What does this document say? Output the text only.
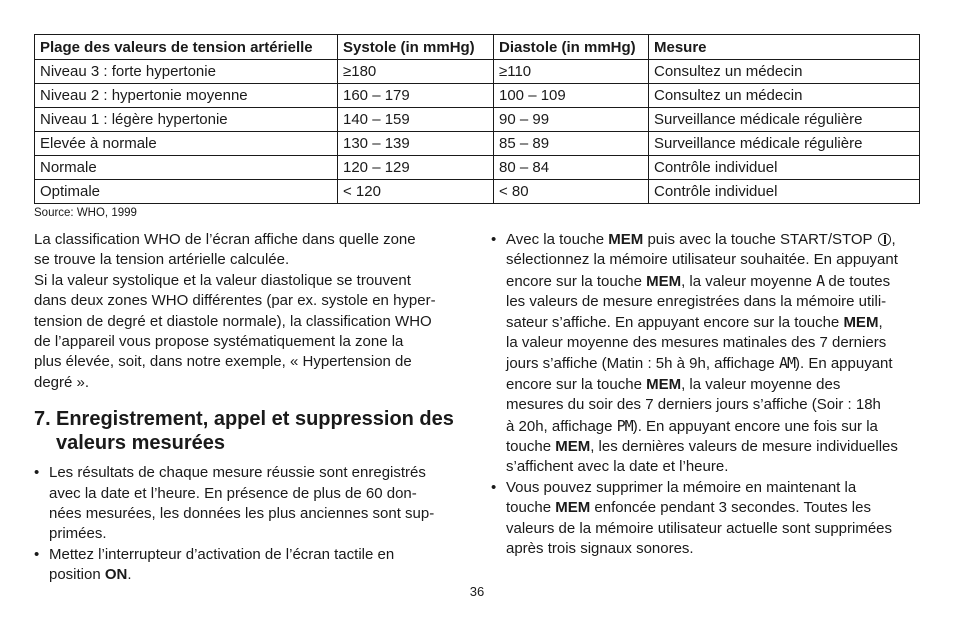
Plage des valeurs de tension artérielle	Systole (in mmHg)	Diastole (in mmHg)	Mesure
Niveau 3 : forte hypertonie	≥180	≥110	Consultez un médecin
Niveau 2 : hypertonie moyenne	160 – 179	100 – 109	Consultez un médecin
Niveau 1 : légère hypertonie	140 – 159	90 – 99	Surveillance médicale régulière
Elevée à normale	130 – 139	85 – 89	Surveillance médicale régulière
Normale	120 – 129	80 – 84	Contrôle individuel
Optimale	< 120	< 80	Contrôle individuel
Source: WHO, 1999

La classification WHO de l’écran affiche dans quelle zone
se trouve la tension artérielle calculée.
Si la valeur systolique et la valeur diastolique se trouvent
dans deux zones WHO différentes (par ex. systole en hyper-
tension de degré et diastole normale), la classification WHO
de l’appareil vous propose systématiquement la zone la
plus élevée, soit, dans notre exemple, « Hypertension de
degré ».

7. Enregistrement, appel et suppression des
valeurs mesurées
• Les résultats de chaque mesure réussie sont enregistrés
avec la date et l’heure. En présence de plus de 60 don-
nées mesurées, les données les plus anciennes sont sup-
primées.
• Mettez l’interrupteur d’activation de l’écran tactile en
position ON.
• Avec la touche MEM puis avec la touche START/STOP ,
sélectionnez la mémoire utilisateur souhaitée. En appuyant
encore sur la touche MEM, la valeur moyenne A de toutes
les valeurs de mesure enregistrées dans la mémoire utili-
sateur s’affiche. En appuyant encore sur la touche MEM,
la valeur moyenne des mesures matinales des 7 derniers
jours s’affiche (Matin : 5h à 9h, affichage AM). En appuyant
encore sur la touche MEM, la valeur moyenne des
mesures du soir des 7 derniers jours s’affiche (Soir : 18h
à 20h, affichage PM). En appuyant encore une fois sur la
touche MEM, les dernières valeurs de mesure individuelles
s’affichent avec la date et l’heure.
• Vous pouvez supprimer la mémoire en maintenant la
touche MEM enfoncée pendant 3 secondes. Toutes les
valeurs de la mémoire utilisateur actuelle sont supprimées
après trois signaux sonores.
36
